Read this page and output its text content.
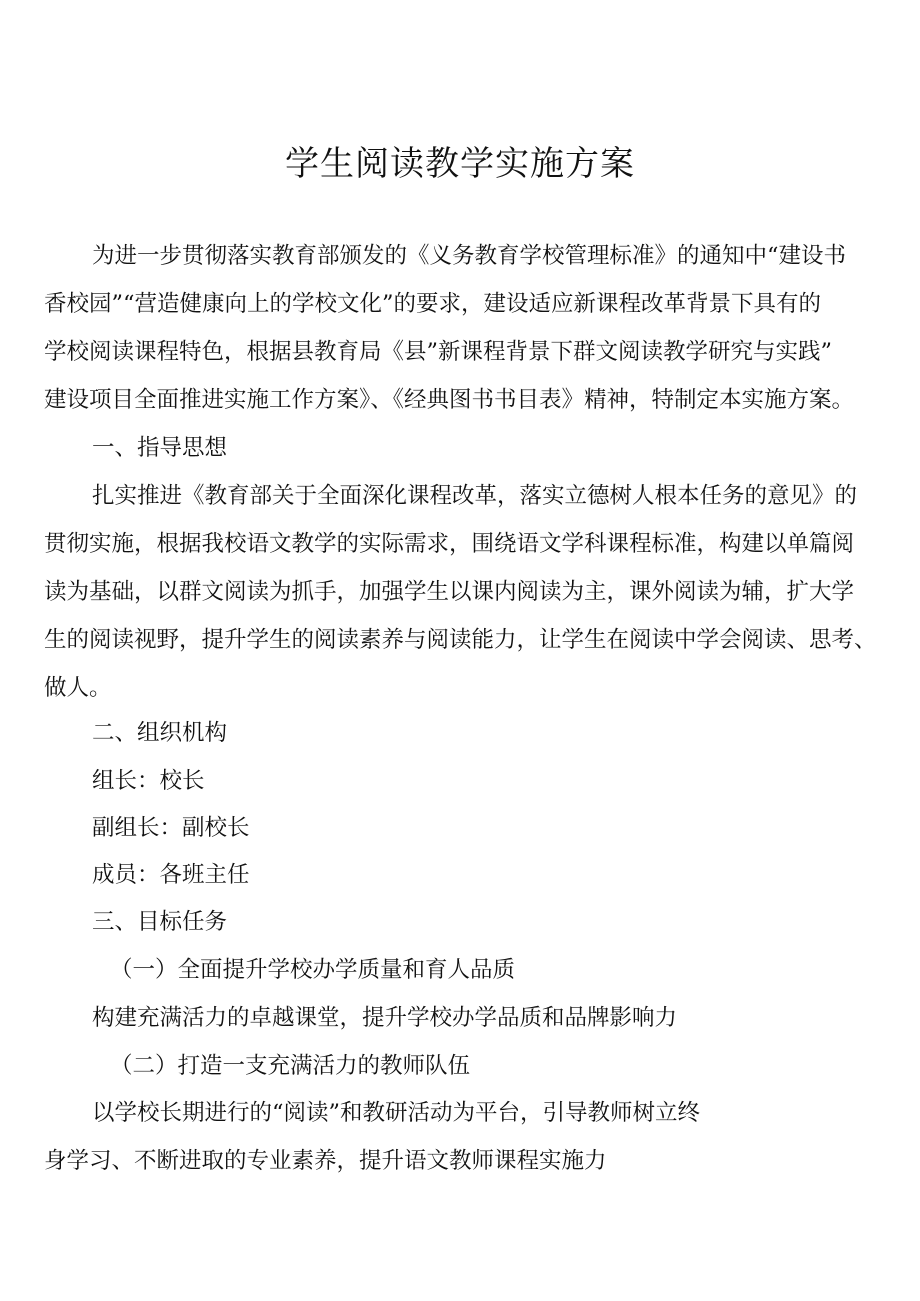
学生阅读教学实施方案

为进一步贯彻落实教育部颁发的《义务教育学校管理标准》的通知中“建设书

香校园”“营造健康向上的学校文化”的要求，建设适应新课程改革背景下具有的

学校阅读课程特色，根据县教育局《县”新课程背景下群文阅读教学研究与实践”

建设项目全面推进实施工作方案》、《经典图书书目表》精神，特制定本实施方案。

一、指导思想

扎实推进《教育部关于全面深化课程改革，落实立德树人根本任务的意见》的

贯彻实施，根据我校语文教学的实际需求，围绕语文学科课程标准，构建以单篇阅

读为基础，以群文阅读为抓手，加强学生以课内阅读为主，课外阅读为辅，扩大学

生的阅读视野，提升学生的阅读素养与阅读能力，让学生在阅读中学会阅读、思考、

做人。

二、组织机构

组长：校长

副组长：副校长

成员：各班主任

三、目标任务

（一）全面提升学校办学质量和育人品质

构建充满活力的卓越课堂，提升学校办学品质和品牌影响力

（二）打造一支充满活力的教师队伍

以学校长期进行的“阅读”和教研活动为平台，引导教师树立终

身学习、不断进取的专业素养，提升语文教师课程实施力
